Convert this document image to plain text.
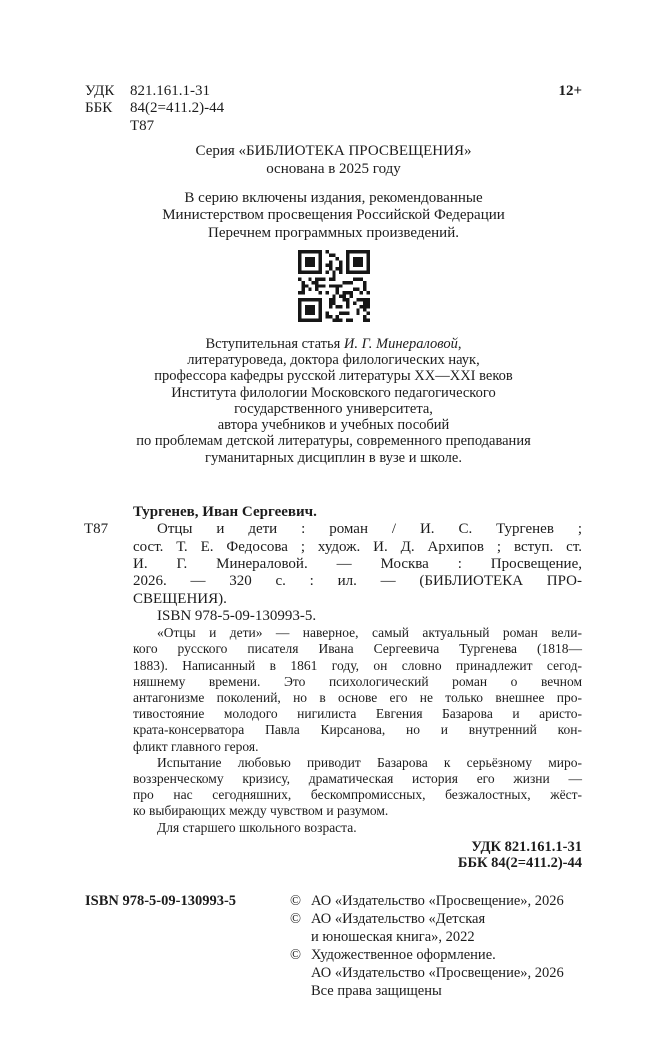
УДК	821.161.1-31
ББК	84(2=411.2)-44
Т87
12+
Серия «БИБЛИОТЕКА ПРОСВЕЩЕНИЯ»
основана в 2025 году
В серию включены издания, рекомендованные
Министерством просвещения Российской Федерации
Перечнем программных произведений.
Вступительная статья И. Г. Минераловой,
литературоведа, доктора филологических наук,
профессора кафедры русской литературы XX—XXI веков
Института филологии Московского педагогического
государственного университета,
автора учебников и учебных пособий
по проблемам детской литературы, современного преподавания
гуманитарных дисциплин в вузе и школе.
Т87
Тургенев, Иван Сергеевич.
Отцы и дети : роман / И. С. Тургенев ;
сост. Т. Е. Федосова ; худож. И. Д. Архипов ; вступ. ст.
И. Г. Минераловой. — Москва : Просвещение,
2026. — 320 с. : ил. — (БИБЛИОТЕКА ПРО-
СВЕЩЕНИЯ).
ISBN 978-5-09-130993-5.
«Отцы и дети» — наверное, самый актуальный роман вели-
кого русского писателя Ивана Сергеевича Тургенева (1818—
1883). Написанный в 1861 году, он словно принадлежит сегод-
няшнему времени. Это психологический роман о вечном
антагонизме поколений, но в основе его не только внешнее про-
тивостояние молодого нигилиста Евгения Базарова и аристо-
крата-консерватора Павла Кирсанова, но и внутренний кон-
фликт главного героя.
Испытание любовью приводит Базарова к серьёзному миро-
воззренческому кризису, драматическая история его жизни —
про нас сегодняшних, бескомпромиссных, безжалостных, жёст-
ко выбирающих между чувством и разумом.
Для старшего школьного возраста.
УДК 821.161.1-31
ББК 84(2=411.2)-44
ISBN 978-5-09-130993-5	© АО «Издательство «Просвещение», 2026
© АО «Издательство «Детская
и юношеская книга», 2022
© Художественное оформление.
АО «Издательство «Просвещение», 2026
Все права защищены
